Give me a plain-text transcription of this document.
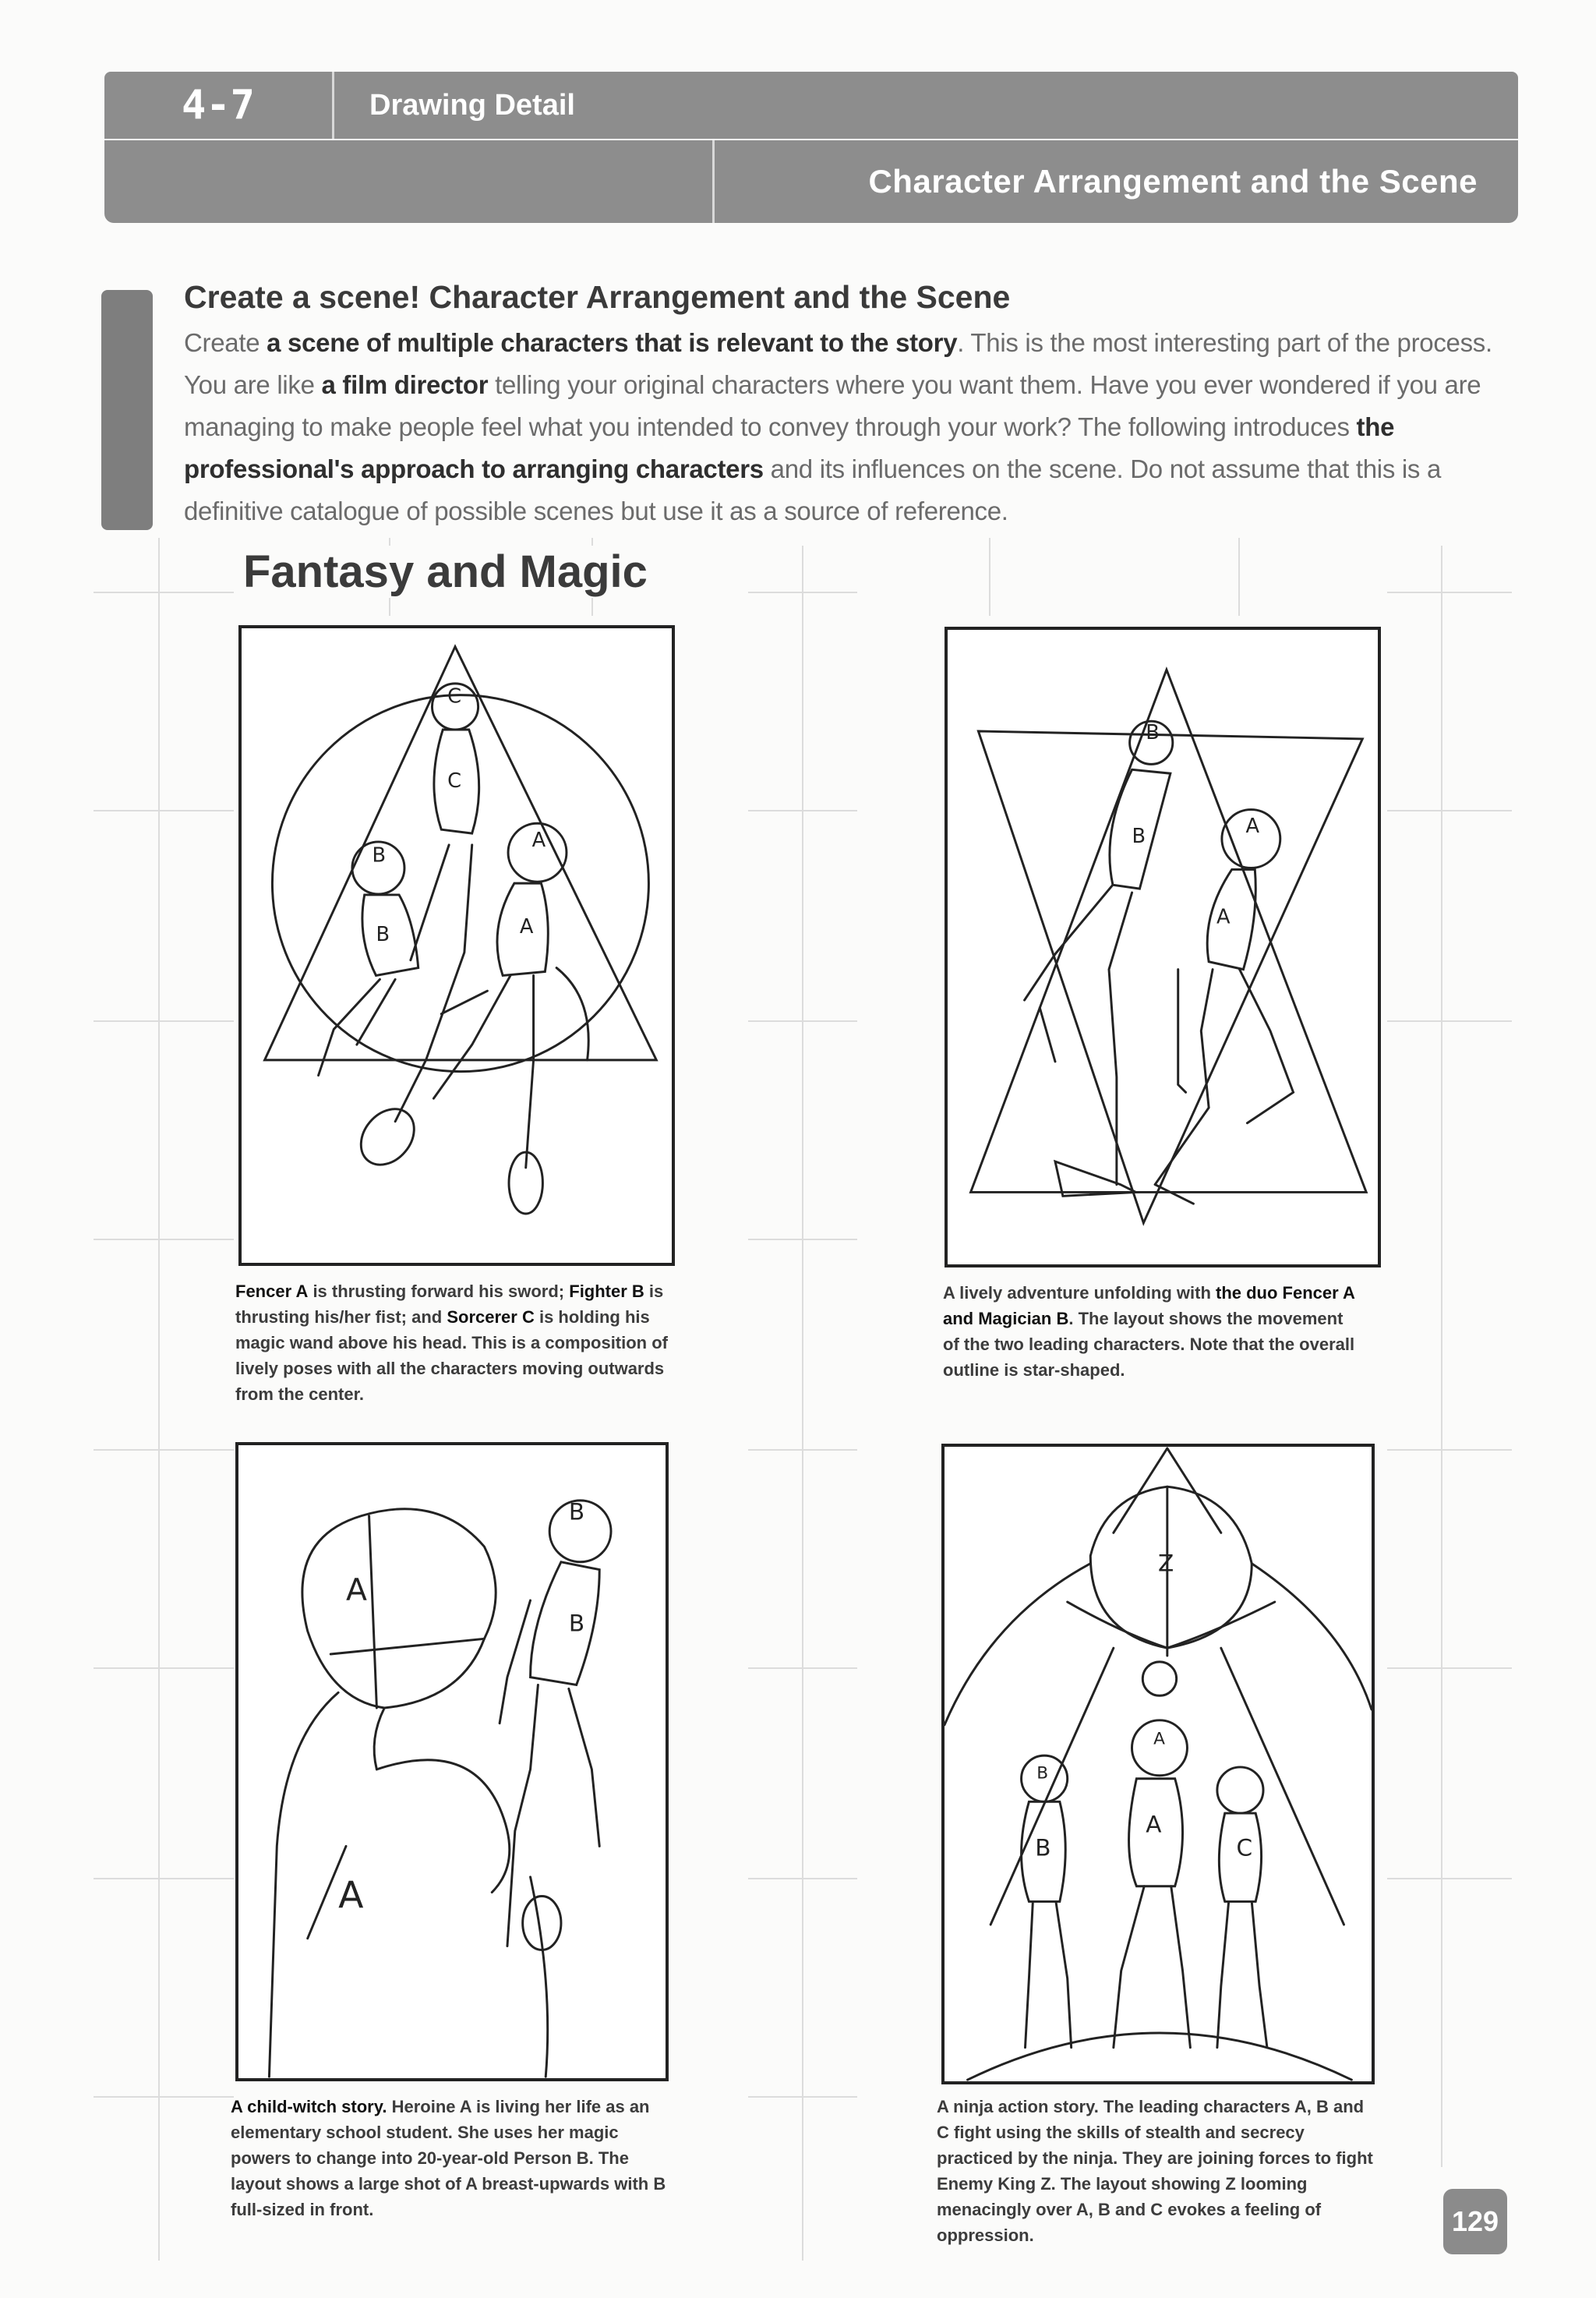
4-7	Drawing Detail
Character Arrangement and the Scene
Create a scene! Character Arrangement and the Scene

Create a scene of multiple characters that is relevant to the story. This is the most interesting part of the process. You are like a film director telling your original characters where you want them. Have you ever wondered if you are managing to make people feel what you intended to convey through your work? The following introduces the professional's approach to arranging characters and its influences on the scene. Do not assume that this is a definitive catalogue of possible scenes but use it as a source of reference.

Fantasy and Magic
C
C
B
B
A
A
Fencer A is thrusting forward his sword; Fighter B is thrusting his/her fist; and Sorcerer C is holding his magic wand above his head. This is a composition of lively poses with all the characters moving outwards from the center.
B
B	A
A
A lively adventure unfolding with the duo Fencer A and Magician B. The layout shows the movement of the two leading characters. Note that the overall outline is star-shaped.
A
B
B
A
A child-witch story. Heroine A is living her life as an elementary school student. She uses her magic powers to change into 20-year-old Person B. The layout shows a large shot of A breast-upwards with B full-sized in front.
Z
A
A
B
B	C
A ninja action story. The leading characters A, B and C fight using the skills of stealth and secrecy practiced by the ninja. They are joining forces to fight Enemy King Z. The layout showing Z looming menacingly over A, B and C evokes a feeling of oppression.	129
